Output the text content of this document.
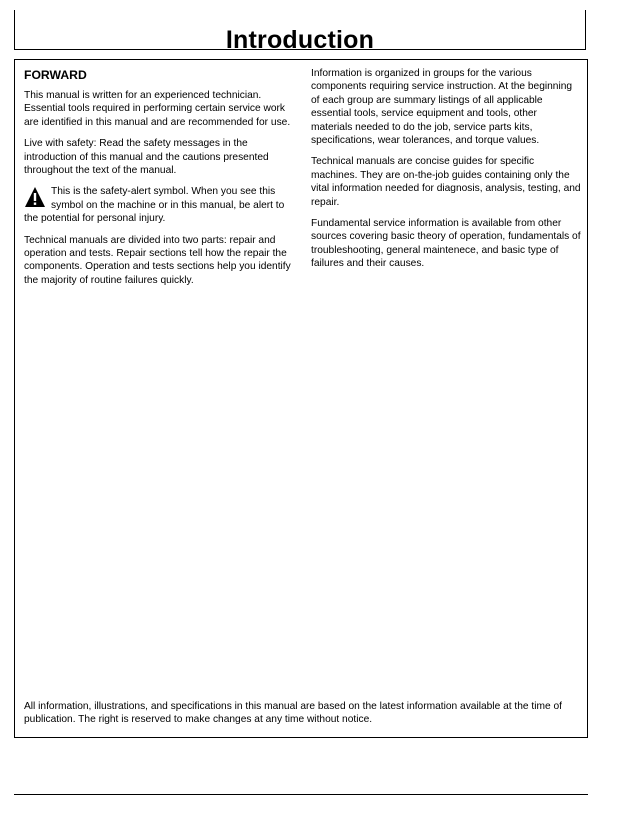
Introduction
FORWARD

This manual is written for an experienced technician. Essential tools required in performing certain service work are identified in this manual and are recommended for use.

Live with safety: Read the safety messages in the introduction of this manual and the cautions presented throughout the text of the manual.

This is the safety-alert symbol. When you see this symbol on the machine or in this manual, be alert to the potential for personal injury.

Technical manuals are divided into two parts: repair and operation and tests. Repair sections tell how the repair the components. Operation and tests sections help you identify the majority of routine failures quickly.

Information is organized in groups for the various components requiring service instruction. At the beginning of each group are summary listings of all applicable essential tools, service equipment and tools, other materials needed to do the job, service parts kits, specifications, wear tolerances, and torque values.

Technical manuals are concise guides for specific machines. They are on-the-job guides containing only the vital information needed for diagnosis, analysis, testing, and repair.

Fundamental service information is available from other sources covering basic theory of operation, fundamentals of troubleshooting, general maintenece, and basic type of failures and their causes.

All information, illustrations, and specifications in this manual are based on the latest information available at the time of publication. The right is reserved to make changes at any time without notice.
